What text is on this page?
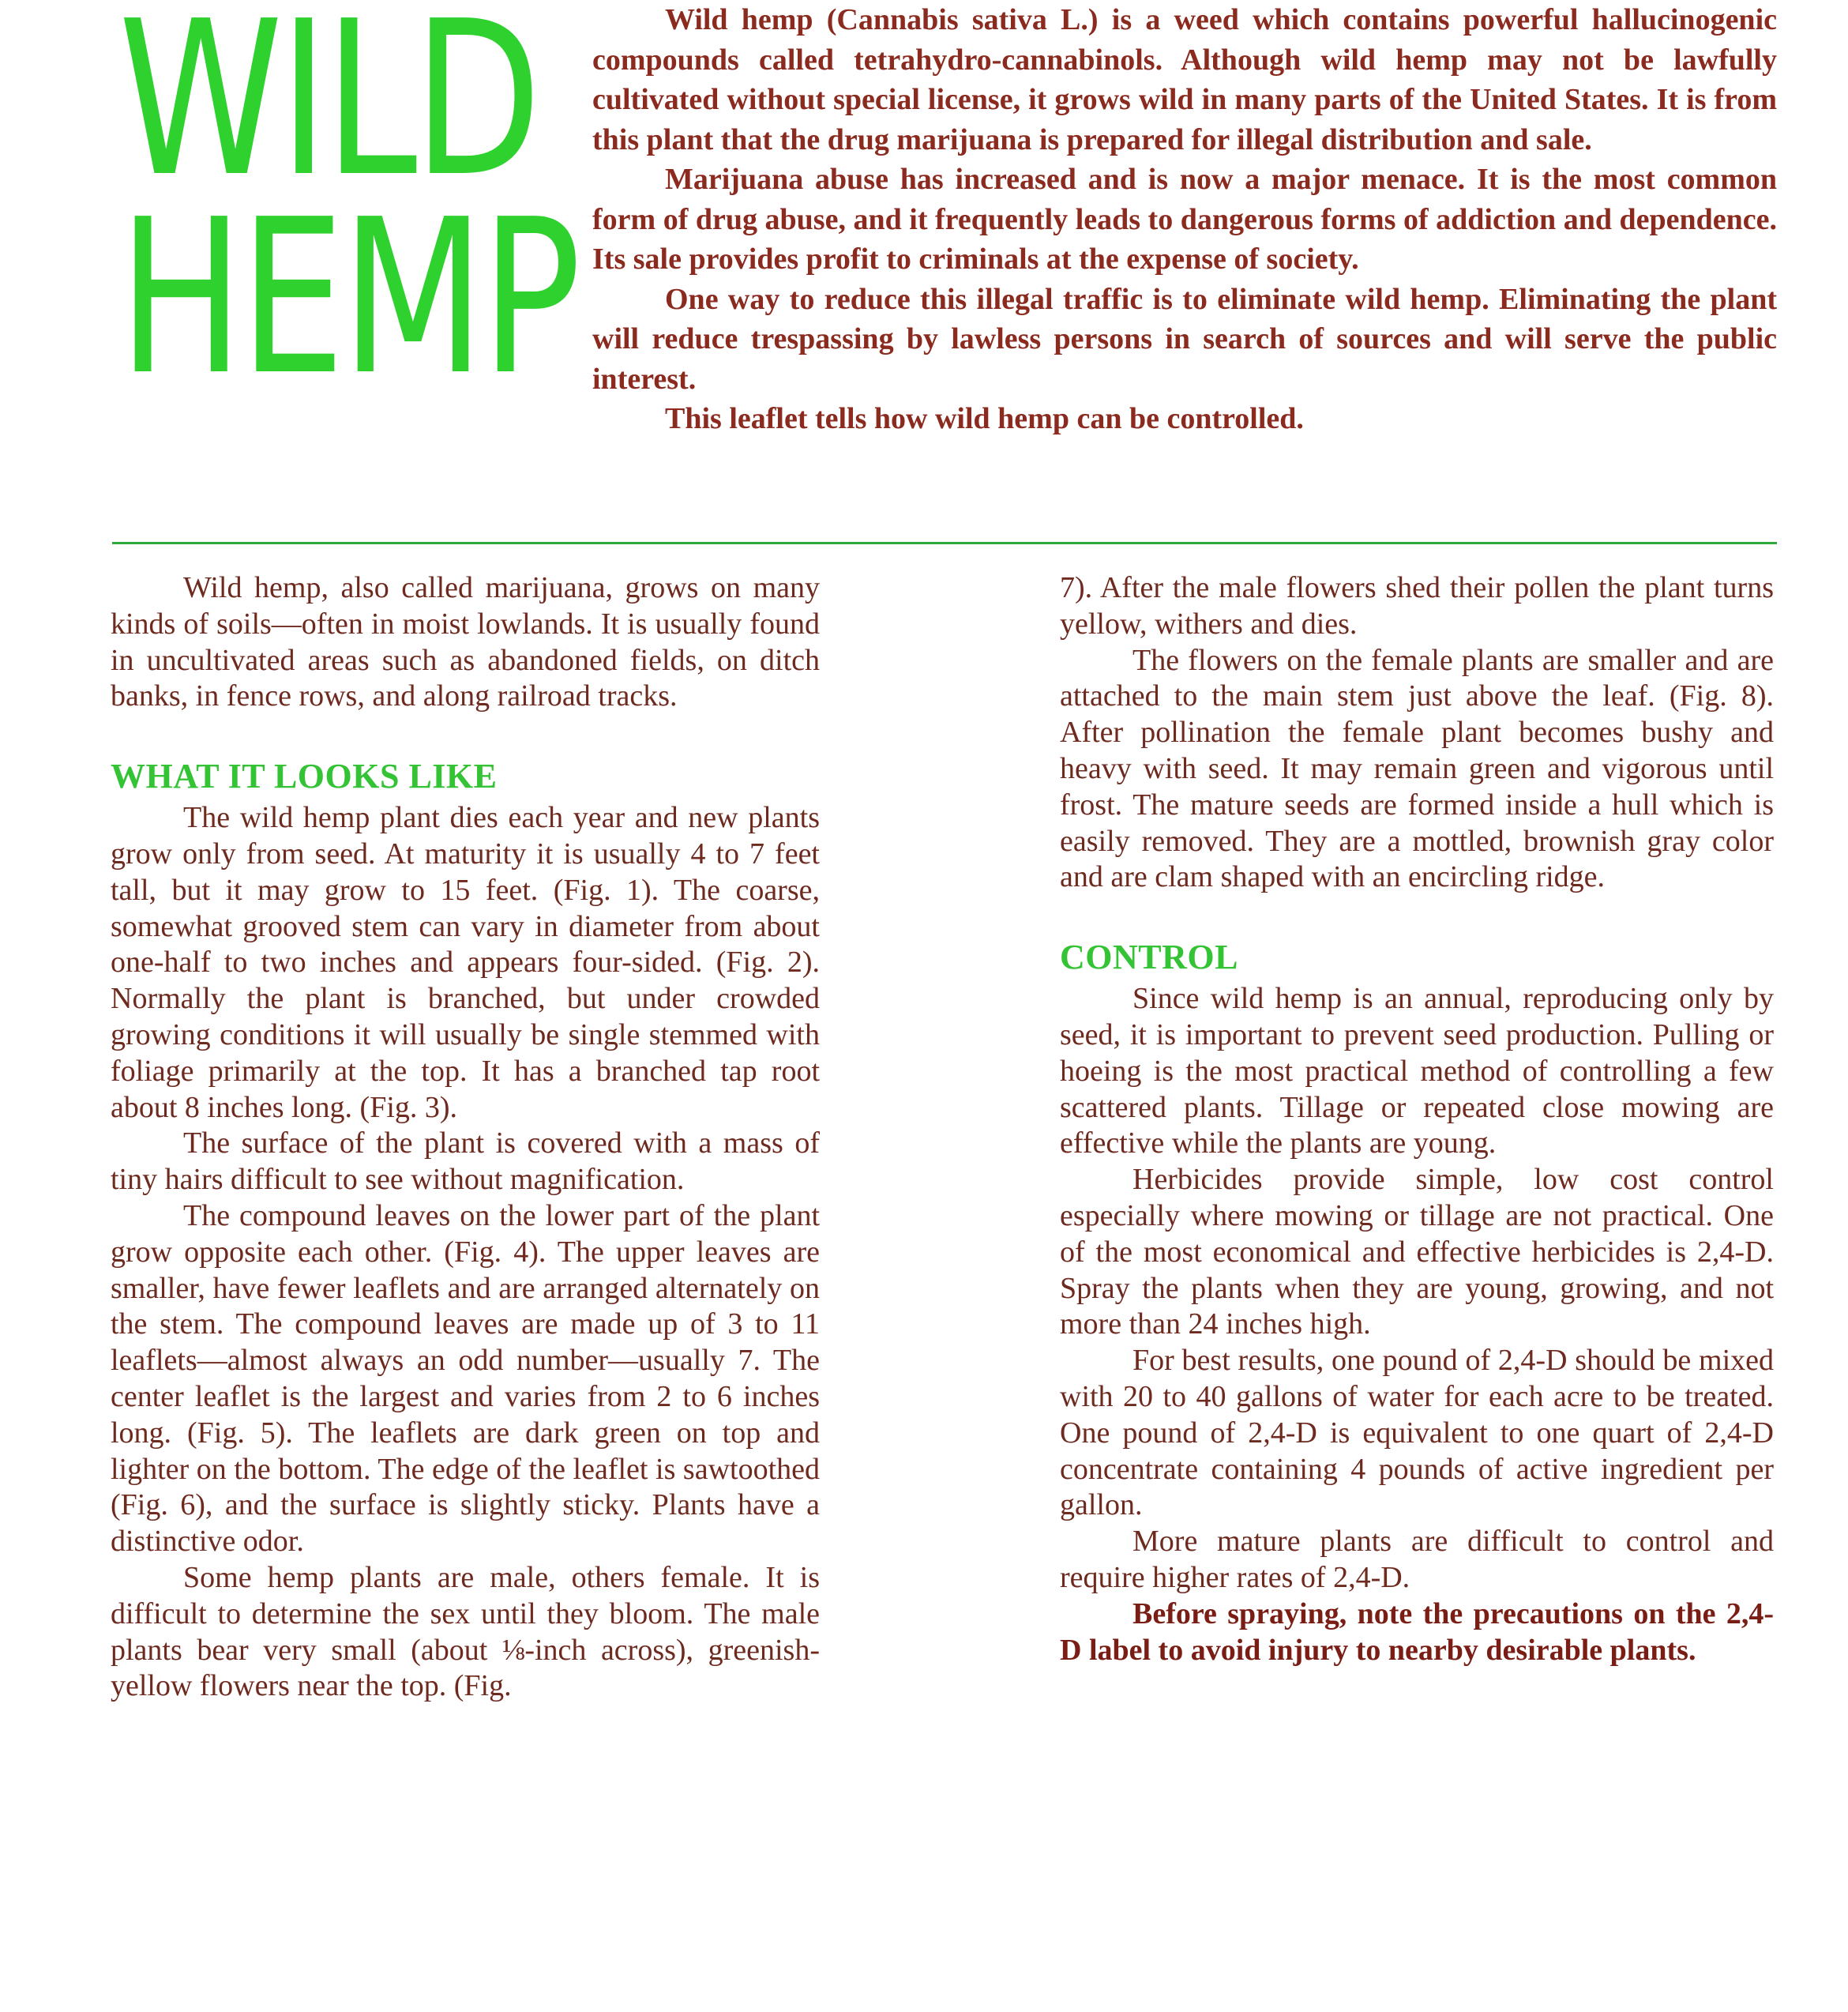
WILD
HEMP

Wild hemp (Cannabis sativa L.) is a weed which contains powerful hallucinogenic compounds called tetrahydro-cannabinols. Although wild hemp may not be lawfully cultivated without special license, it grows wild in many parts of the United States. It is from this plant that the drug marijuana is prepared for illegal distribution and sale.

Marijuana abuse has increased and is now a major menace. It is the most common form of drug abuse, and it frequently leads to dangerous forms of addiction and dependence. Its sale provides profit to criminals at the expense of society.

One way to reduce this illegal traffic is to eliminate wild hemp. Eliminating the plant will reduce trespassing by lawless persons in search of sources and will serve the public interest.

This leaflet tells how wild hemp can be controlled.

Wild hemp, also called marijuana, grows on many kinds of soils—often in moist lowlands. It is usually found in uncultivated areas such as abandoned fields, on ditch banks, in fence rows, and along railroad tracks.

WHAT IT LOOKS LIKE

The wild hemp plant dies each year and new plants grow only from seed. At maturity it is usually 4 to 7 feet tall, but it may grow to 15 feet. (Fig. 1). The coarse, somewhat grooved stem can vary in diameter from about one-half to two inches and appears four-sided. (Fig. 2). Normally the plant is branched, but under crowded growing conditions it will usually be single stemmed with foliage primarily at the top. It has a branched tap root about 8 inches long. (Fig. 3).

The surface of the plant is covered with a mass of tiny hairs difficult to see without magnification.

The compound leaves on the lower part of the plant grow opposite each other. (Fig. 4). The upper leaves are smaller, have fewer leaflets and are arranged alternately on the stem. The compound leaves are made up of 3 to 11 leaflets—almost always an odd number—usually 7. The center leaflet is the largest and varies from 2 to 6 inches long. (Fig. 5). The leaflets are dark green on top and lighter on the bottom. The edge of the leaflet is sawtoothed (Fig. 6), and the surface is slightly sticky. Plants have a distinctive odor.

Some hemp plants are male, others female. It is difficult to determine the sex until they bloom. The male plants bear very small (about ⅛-inch across), greenish-yellow flowers near the top. (Fig.

7). After the male flowers shed their pollen the plant turns yellow, withers and dies.

The flowers on the female plants are smaller and are attached to the main stem just above the leaf. (Fig. 8). After pollination the female plant becomes bushy and heavy with seed. It may remain green and vigorous until frost. The mature seeds are formed inside a hull which is easily removed. They are a mottled, brownish gray color and are clam shaped with an encircling ridge.

CONTROL

Since wild hemp is an annual, reproducing only by seed, it is important to prevent seed production. Pulling or hoeing is the most practical method of controlling a few scattered plants. Tillage or repeated close mowing are effective while the plants are young.

Herbicides provide simple, low cost control especially where mowing or tillage are not practical. One of the most economical and effective herbicides is 2,4-D. Spray the plants when they are young, growing, and not more than 24 inches high.

For best results, one pound of 2,4-D should be mixed with 20 to 40 gallons of water for each acre to be treated. One pound of 2,4-D is equivalent to one quart of 2,4-D concentrate containing 4 pounds of active ingredient per gallon.

More mature plants are difficult to control and require higher rates of 2,4-D.

Before spraying, note the precautions on the 2,4-D label to avoid injury to nearby desirable plants.
